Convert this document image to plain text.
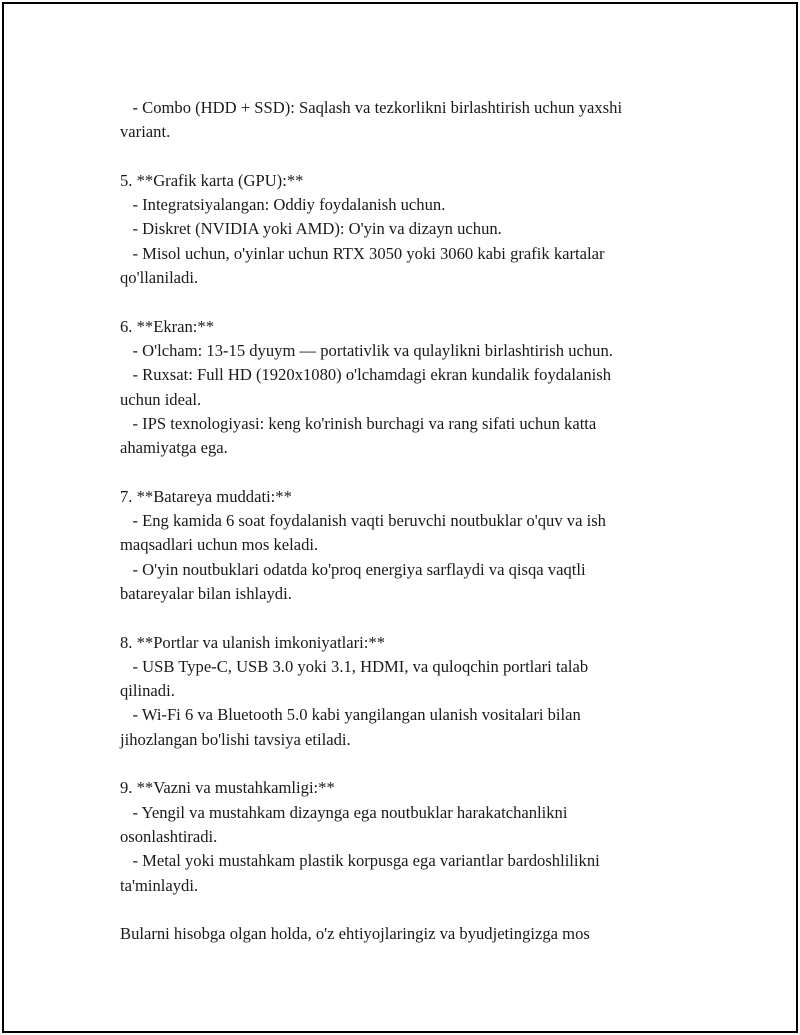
- Combo (HDD + SSD): Saqlash va tezkorlikni birlashtirish uchun yaxshi
variant.
5. **Grafik karta (GPU):**
- Integratsiyalangan: Oddiy foydalanish uchun.
- Diskret (NVIDIA yoki AMD): O'yin va dizayn uchun.
- Misol uchun, o'yinlar uchun RTX 3050 yoki 3060 kabi grafik kartalar
qo'llaniladi.
6. **Ekran:**
- O'lcham: 13-15 dyuym — portativlik va qulaylikni birlashtirish uchun.
- Ruxsat: Full HD (1920x1080) o'lchamdagi ekran kundalik foydalanish
uchun ideal.
- IPS texnologiyasi: keng ko'rinish burchagi va rang sifati uchun katta
ahamiyatga ega.
7. **Batareya muddati:**
- Eng kamida 6 soat foydalanish vaqti beruvchi noutbuklar o'quv va ish
maqsadlari uchun mos keladi.
- O'yin noutbuklari odatda ko'proq energiya sarflaydi va qisqa vaqtli
batareyalar bilan ishlaydi.
8. **Portlar va ulanish imkoniyatlari:**
- USB Type-C, USB 3.0 yoki 3.1, HDMI, va quloqchin portlari talab
qilinadi.
- Wi-Fi 6 va Bluetooth 5.0 kabi yangilangan ulanish vositalari bilan
jihozlangan bo'lishi tavsiya etiladi.
9. **Vazni va mustahkamligi:**
- Yengil va mustahkam dizaynga ega noutbuklar harakatchanlikni
osonlashtiradi.
- Metal yoki mustahkam plastik korpusga ega variantlar bardoshlilikni
ta'minlaydi.
Bularni hisobga olgan holda, o'z ehtiyojlaringiz va byudjetingizga mos
